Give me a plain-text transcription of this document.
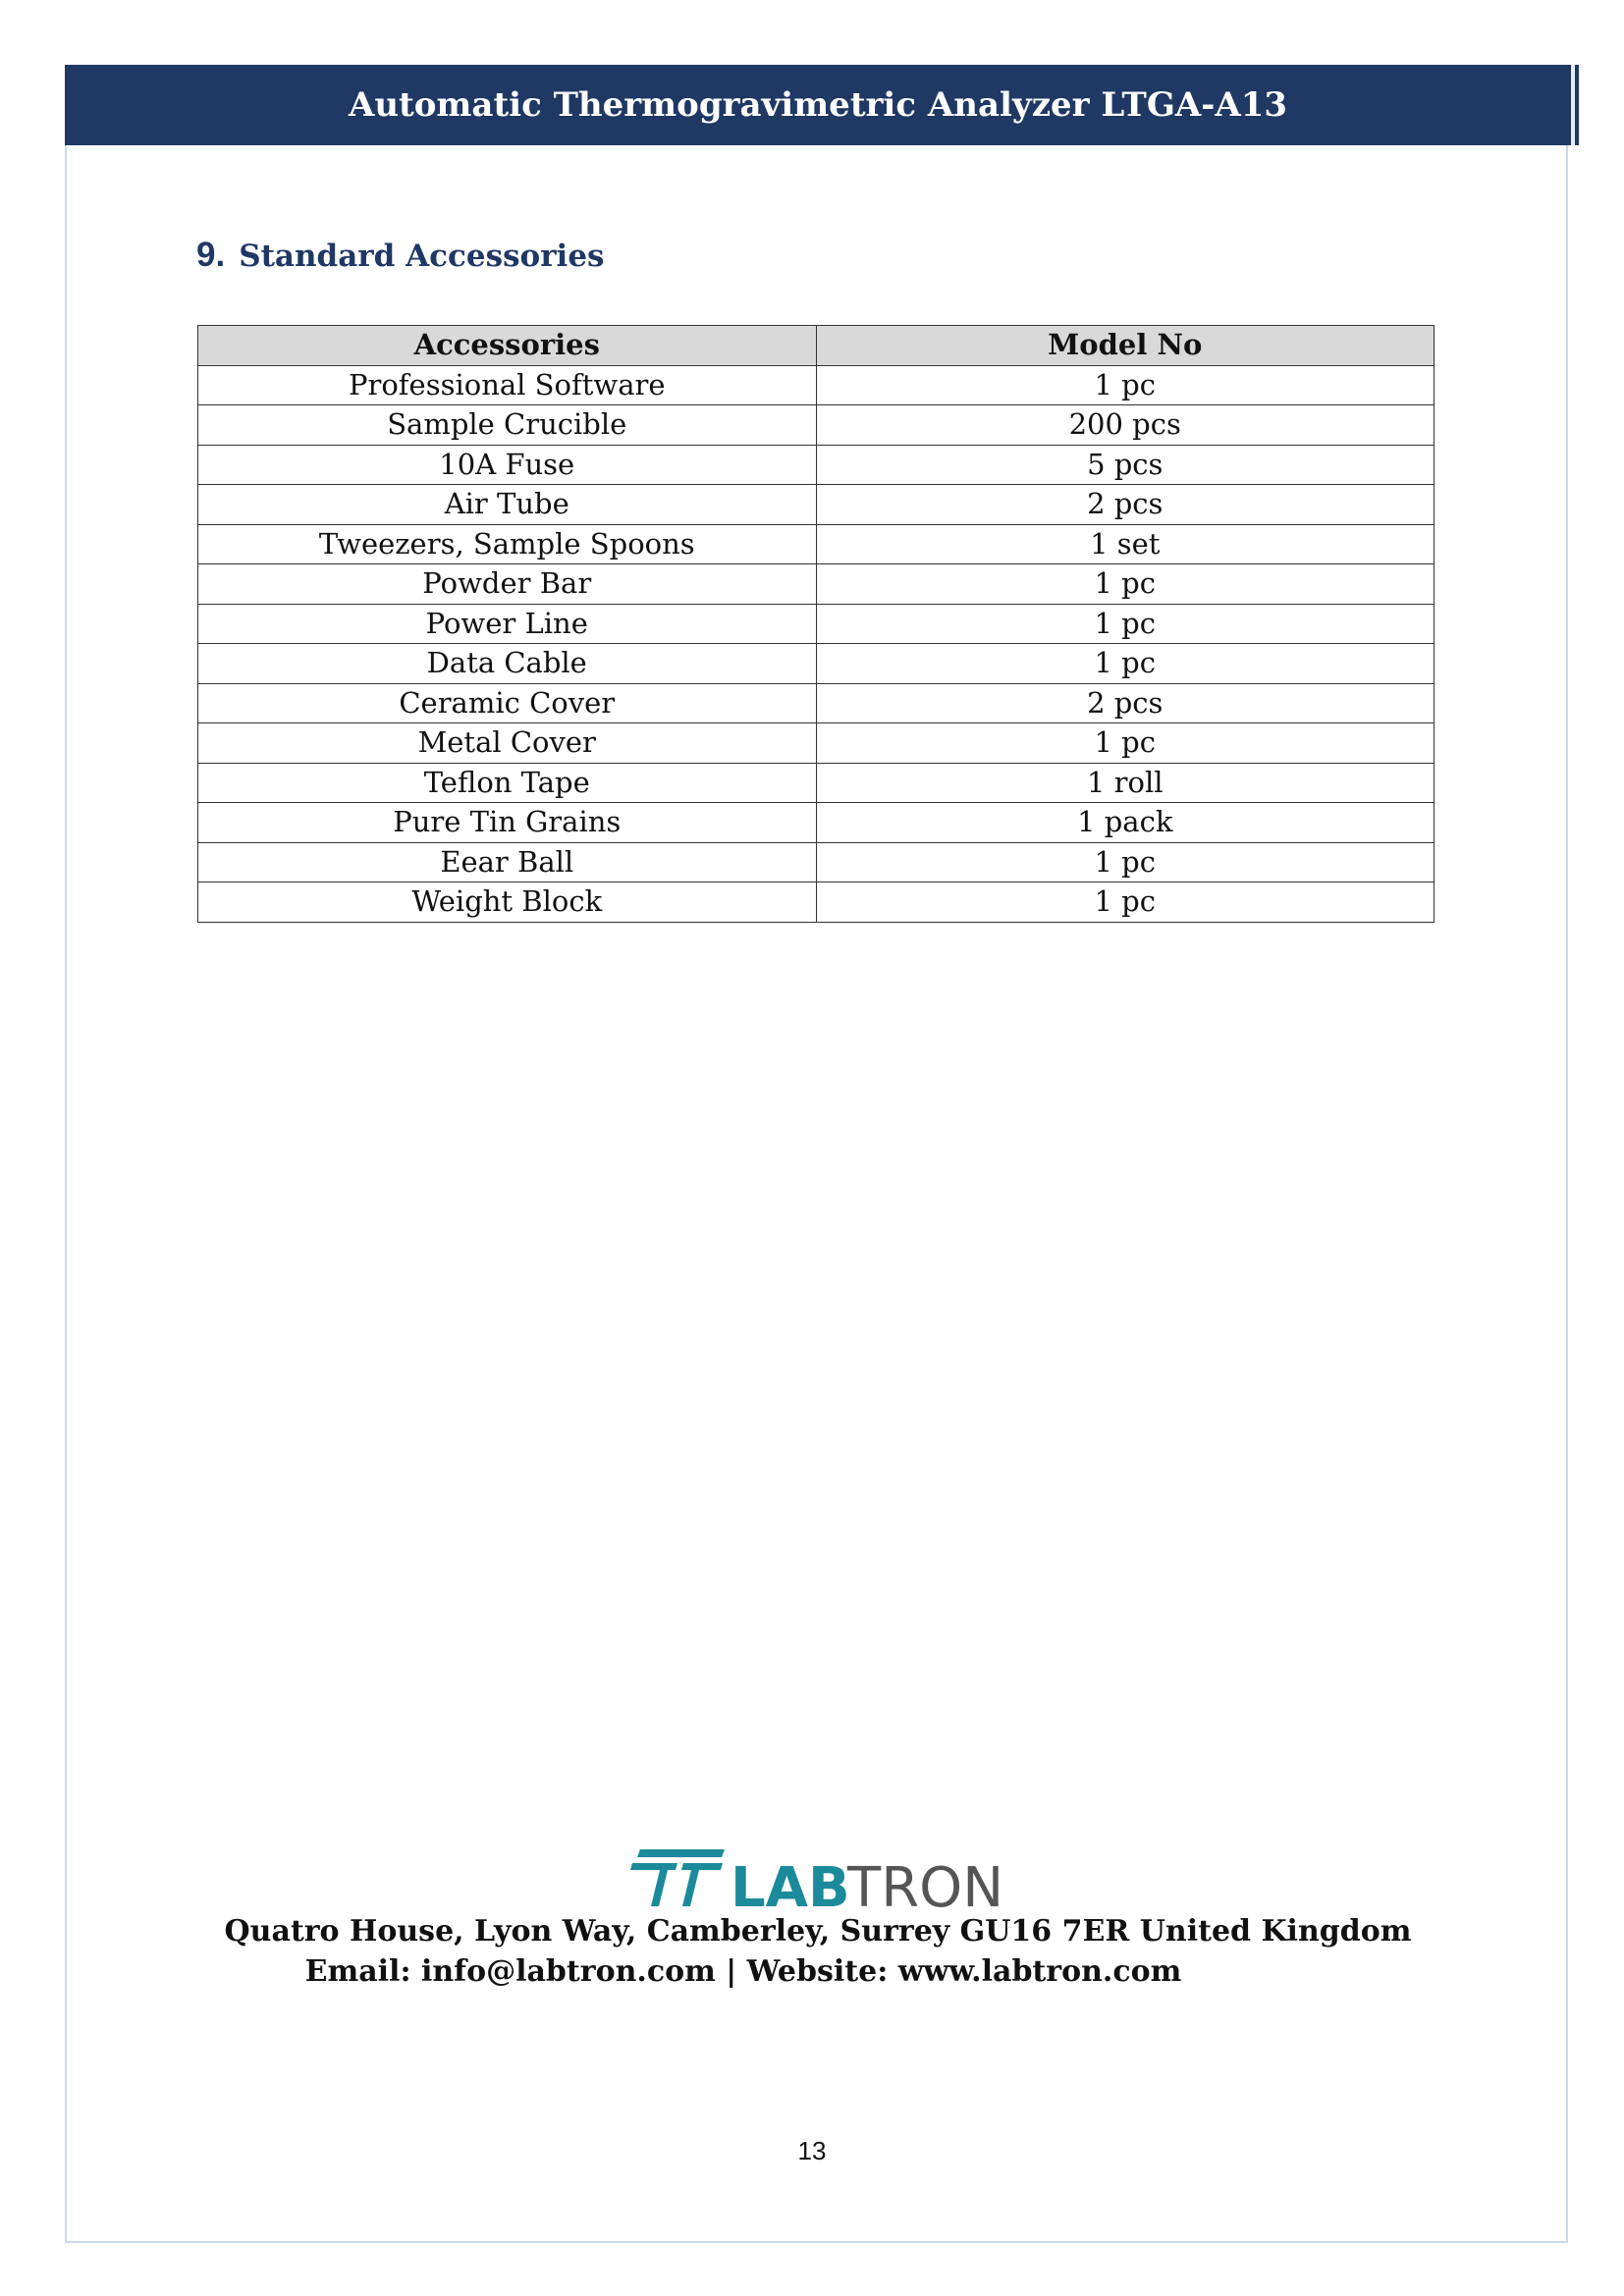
Automatic Thermogravimetric Analyzer LTGA-A13
9. Standard Accessories
Accessories	Model No
Professional Software	1 pc
Sample Crucible	200 pcs
10A Fuse	5 pcs
Air Tube	2 pcs
Tweezers, Sample Spoons	1 set
Powder Bar	1 pc
Power Line	1 pc
Data Cable	1 pc
Ceramic Cover	2 pcs
Metal Cover	1 pc
Teflon Tape	1 roll
Pure Tin Grains	1 pack
Eear Ball	1 pc
Weight Block	1 pc
LAB
TRON
Quatro House, Lyon Way, Camberley, Surrey GU16 7ER United Kingdom
Email: info@labtron.com | Website: www.labtron.com
13
